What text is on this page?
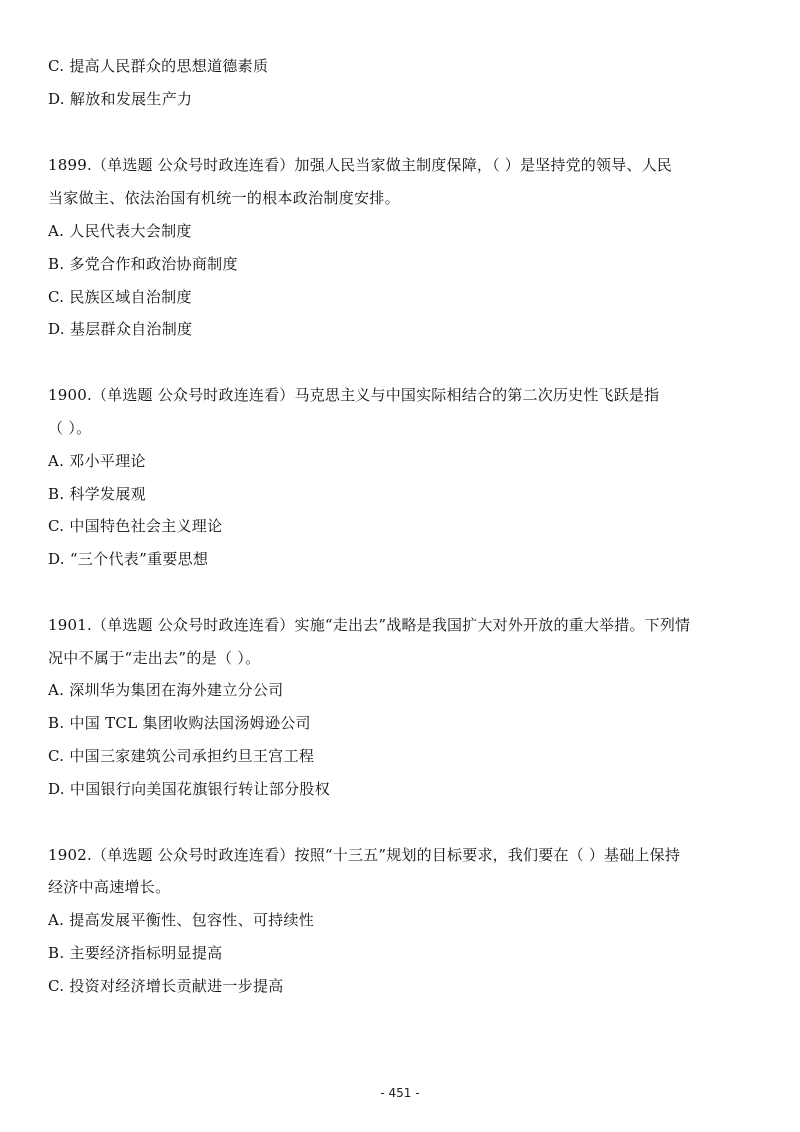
C. 提高人民群众的思想道德素质
D. 解放和发展生产力
1899.（单选题 公众号时政连连看）加强人民当家做主制度保障，（ ）是坚持党的领导、人民
当家做主、依法治国有机统一的根本政治制度安排。
A. 人民代表大会制度
B. 多党合作和政治协商制度
C. 民族区域自治制度
D. 基层群众自治制度
1900.（单选题 公众号时政连连看）马克思主义与中国实际相结合的第二次历史性飞跃是指
（ ）。
A. 邓小平理论
B. 科学发展观
C. 中国特色社会主义理论
D. “三个代表”重要思想
1901.（单选题 公众号时政连连看）实施“走出去”战略是我国扩大对外开放的重大举措。下列情
况中不属于“走出去”的是（ ）。
A. 深圳华为集团在海外建立分公司
B. 中国 TCL 集团收购法国汤姆逊公司
C. 中国三家建筑公司承担约旦王宫工程
D. 中国银行向美国花旗银行转让部分股权
1902.（单选题 公众号时政连连看）按照“十三五”规划的目标要求，我们要在（ ）基础上保持
经济中高速增长。
A. 提高发展平衡性、包容性、可持续性
B. 主要经济指标明显提高
C. 投资对经济增长贡献进一步提高
- 451 -
